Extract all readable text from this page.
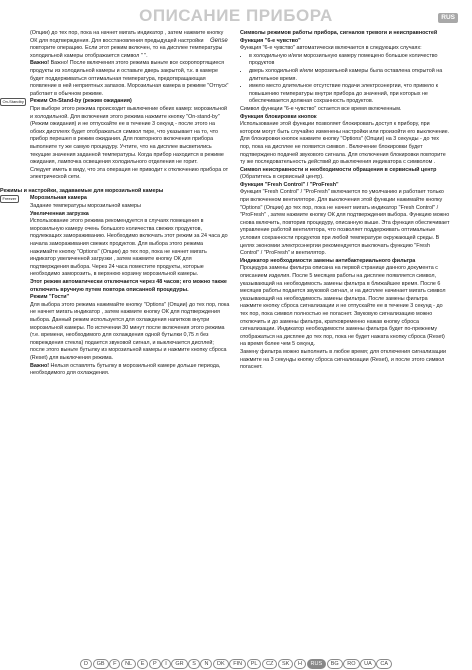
ОПИСАНИЕ ПРИБОРА	RUS

(Опции) до тех пор, пока на начнет мигать индикатор , затем нажмите кнопку ОК для подтверждения. Для восстановления предыдущей настройки повторите операцию. Если этот режим включен, то на дисплее температуры холодильной камеры отображается символ " ".

Важно! Важно! После включения этого режима выньте все скоропортящиеся продукты из холодильной камеры и оставьте дверь закрытой, т.к. в камере будет поддерживаться оптимальная температура, предотвращающая появление в ней неприятных запахов. Морозильная камера в режиме "Отпуск" работает в обычном режиме.

On-Standby	Режим On-Stand-by (режим ожидания)

При выборе этого режима происходит выключение обеих камер: морозильной и холодильной. Для включения этого режима нажмите кнопку "On-stand-by" (Режим ожидания) и не отпускайте ее в течение 3 секунд - после этого на обоих дисплеях будет отображаться символ тире, что указывает на то, что прибор перешел в режим ожидания. Для повторного включения прибора выполните ту же самую процедуру. Учтите, что на дисплее высветились текущие значения заданной температуры. Когда прибор находится в режиме ожидания, лампочка освещения холодильного отделения не горит.

Следует иметь в виду, что эта операция не приводит к отключению прибора от электрической сети.

Режимы и настройки, задаваемые для морозильной камеры

Freezer	Морозильная камера

Задание температуры морозильной камеры

Увеличенная загрузка

Использование этого режима рекомендуется в случаях помещения в морозильную камеру очень большого количества свежих продуктов, подлежащих замораживанию. Необходимо включать этот режим за 24 часа до начала замораживания свежих продуктов. Для выбора этого режима нажимайте кнопку "Options" (Опции) до тех пор, пока не начнет мигать индикатор увеличенной загрузки , затем нажмите кнопку ОК для подтверждения выбора. Через 24 часа поместите продукты, которые необходимо заморозить, в верхнюю корзину морозильной камеры.

Этот режим автоматически отключается через 48 часов; его можно также отключить вручную путем повтора описанной процедуры.

Режим "Гости"

Для выбора этого режима нажимайте кнопку "Options" (Опции) до тех пор, пока не начнет мигать индикатор , затем нажмите кнопку ОК для подтверждения выбора. Данный режим используется для охлаждения напитков внутри морозильной камеры. По истечении 30 минут после включения этого режима (т.е. времени, необходимого для охлаждения одной бутылки 0,75 л без повреждения стекла) подается звуковой сигнал, и выключается дисплей; после этого выньте бутылку из морозильной камеры и нажмите кнопку сброса (Reset) для выключения режима.

Важно! Нельзя оставлять бутылку в морозильной камере дольше периода, необходимого для охлаждения.

Символы режимов работы прибора, сигналов тревоги и неисправностей

Gense Функция "6-е чувство"

Функция "6-е чувство" автоматически включается в следующих случаях:

• в холодильную и/или морозильную камеру помещено большое количество продуктов
• дверь холодильной и/или морозильной камеры была оставлена открытой на длительное время.
• имело место длительное отсутствие подачи электроэнергии, что привело к повышению температуры внутри прибора до значений, при которых не обеспечивается должная сохранность продуктов.

Символ функции "6-е чувство" остается все время включенным.

Функция блокировки кнопок

Использование этой функции позволяет блокировать доступ к прибору, при котором могут быть случайно изменены настройки или произойти его выключение. Для блокировки кнопок нажмите кнопку "Options" (Опции) на 3 секунды - до тех пор, пока на дисплее не появится символ . Включение блокировки будет подтверждено подачей звукового сигнала. Для отключения блокировки повторите ту же последовательность действий до выключения индикатора с символом .

Символ неисправности и необходимости обращения в сервисный центр

(Обратитесь в сервисный центр).

Функция "Fresh Control" / "ProFresh"

Функция "Fresh Control" / "ProFresh" включается по умолчанию и работает только при включенном вентиляторе. Для выключения этой функции нажимайте кнопку "Options" (Опции) до тех пор, пока не начнет мигать индикатор "Fresh Control" / "ProFresh" , затем нажмите кнопку ОК для подтверждения выбора. Функцию можно снова включить, повторив процедуру, описанную выше. Эта функция обеспечивает управление работой вентилятора, что позволяет поддерживать оптимальные условия сохранности продуктов при любой температуре окружающей среды. В целях экономии электроэнергии рекомендуется выключать функцию "Fresh Control" / "ProFresh" и вентилятор.

Индикатор необходимости замены антибактериального фильтра

Процедура замены фильтра описана на первой странице данного документа с описанием изделия. После 5 месяцев работы на дисплее появляется символ, указывающий на необходимость замены фильтра в ближайшее время. После 6 месяцев работы подается звуковой сигнал, и на дисплее начинает мигать символ указывающий на необходимость замены фильтра. После замены фильтра нажмите кнопку сброса сигнализации и не отпускайте ее в течение 3 секунд - до тех пор, пока символ полностью не погаснет. Звуковую сигнализацию можно отключить и до замены фильтра, кратковременно нажав кнопку сброса сигнализации. Индикатор необходимости замены фильтра будет по-прежнему отображаться на дисплее до тех пор, пока не будет нажата кнопку сброса (Reset) на время более чем 5 секунд.

Замену фильтра можно выполнить в любое время; для отключения сигнализации нажмите на 3 секунды кнопку сброса сигнализации (Reset), и после этого символ погаснет.

D GB F NL E P I GR S N DK FIN PL CZ SK H RUS BG RO UA CA
